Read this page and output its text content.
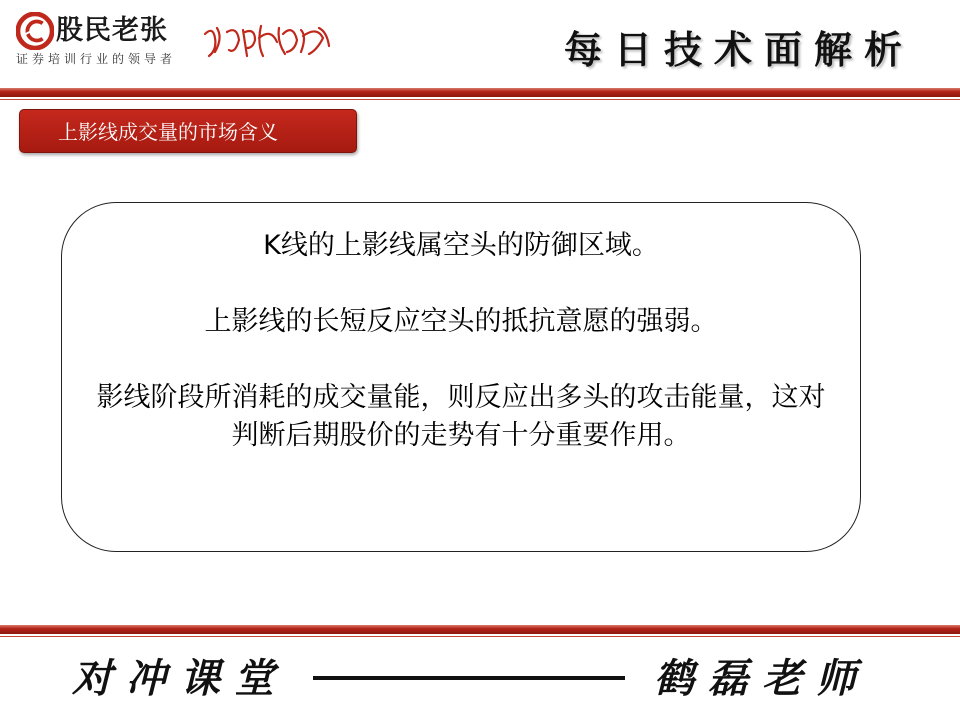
股民老张
证券培训行业的领导者	每日技术面解析
上影线成交量的市场含义

K线的上影线属空头的防御区域。

上影线的长短反应空头的抵抗意愿的强弱。

影线阶段所消耗的成交量能，则反应出多头的攻击能量，这对判断后期股价的走势有十分重要作用。

对冲课堂	鹤磊老师
